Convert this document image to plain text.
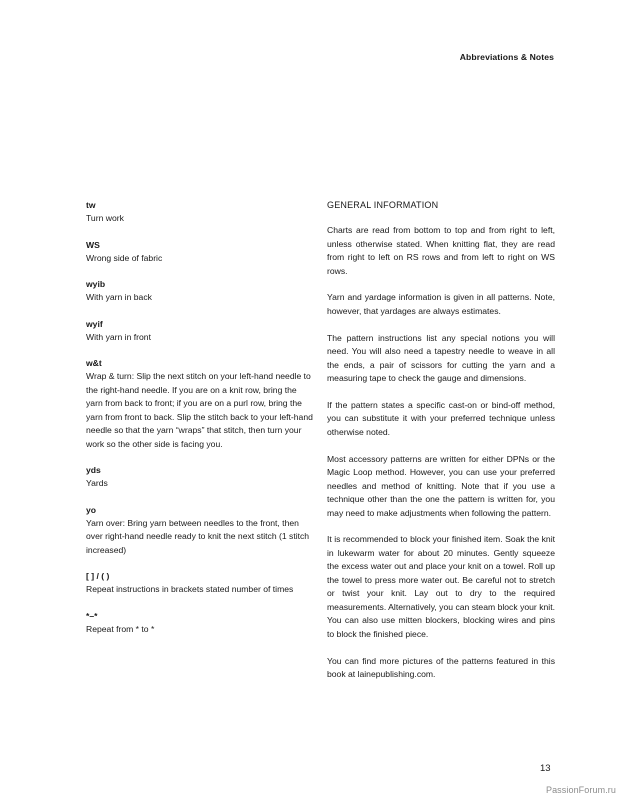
Abbreviations & Notes
tw
Turn work
WS
Wrong side of fabric
wyib
With yarn in back
wyif
With yarn in front
w&t
Wrap & turn: Slip the next stitch on your left-hand needle to the right-hand needle. If you are on a knit row, bring the yarn from back to front; if you are on a purl row, bring the yarn from front to back. Slip the stitch back to your left-hand needle so that the yarn “wraps” that stitch, then turn your work so the other side is facing you.
yds
Yards
yo
Yarn over: Bring yarn between needles to the front, then over right-hand needle ready to knit the next stitch (1 stitch increased)
[ ] / ( )
Repeat instructions in brackets stated number of times
*–*
Repeat from * to *
GENERAL INFORMATION

Charts are read from bottom to top and from right to left, unless otherwise stated. When knitting flat, they are read from right to left on RS rows and from left to right on WS rows.

Yarn and yardage information is given in all patterns. Note, however, that yardages are always estimates.

The pattern instructions list any special notions you will need. You will also need a tapestry needle to weave in all the ends, a pair of scissors for cutting the yarn and a measuring tape to check the gauge and dimensions.

If the pattern states a specific cast-on or bind-off method, you can substitute it with your preferred technique unless otherwise noted.

Most accessory patterns are written for either DPNs or the Magic Loop method. However, you can use your preferred needles and method of knitting. Note that if you use a technique other than the one the pattern is written for, you may need to make adjustments when following the pattern.

It is recommended to block your finished item. Soak the knit in lukewarm water for about 20 minutes. Gently squeeze the excess water out and place your knit on a towel. Roll up the towel to press more water out. Be careful not to stretch or twist your knit. Lay out to dry to the required measurements. Alternatively, you can steam block your knit. You can also use mitten blockers, blocking wires and pins to block the finished piece.

You can find more pictures of the patterns featured in this book at lainepublishing.com.

13
PassionForum.ru
